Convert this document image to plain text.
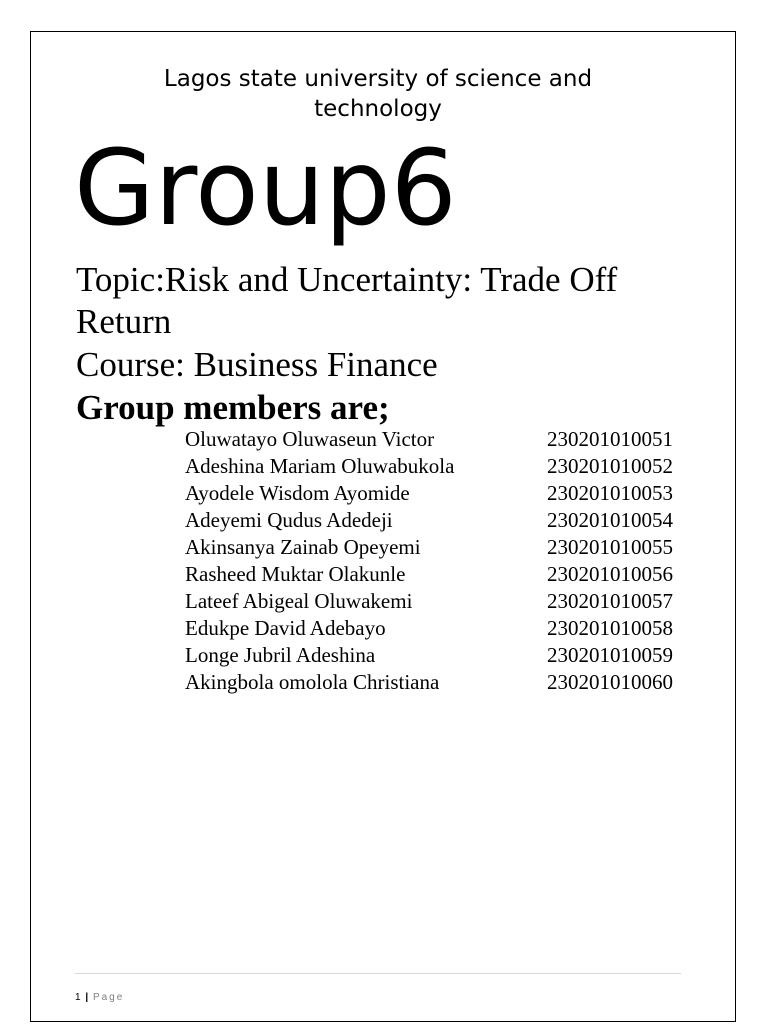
Lagos state university of science and technology
Group6
Topic:Risk and Uncertainty: Trade Off Return
Course: Business Finance
Group members are;
Oluwatayo Oluwaseun Victor	230201010051
Adeshina Mariam Oluwabukola	230201010052
Ayodele Wisdom Ayomide	230201010053
Adeyemi Qudus Adedeji	230201010054
Akinsanya Zainab Opeyemi	230201010055
Rasheed Muktar Olakunle	230201010056
Lateef Abigeal Oluwakemi	230201010057
Edukpe David Adebayo	230201010058
Longe Jubril Adeshina	230201010059
Akingbola omolola Christiana	230201010060
1 | Page
